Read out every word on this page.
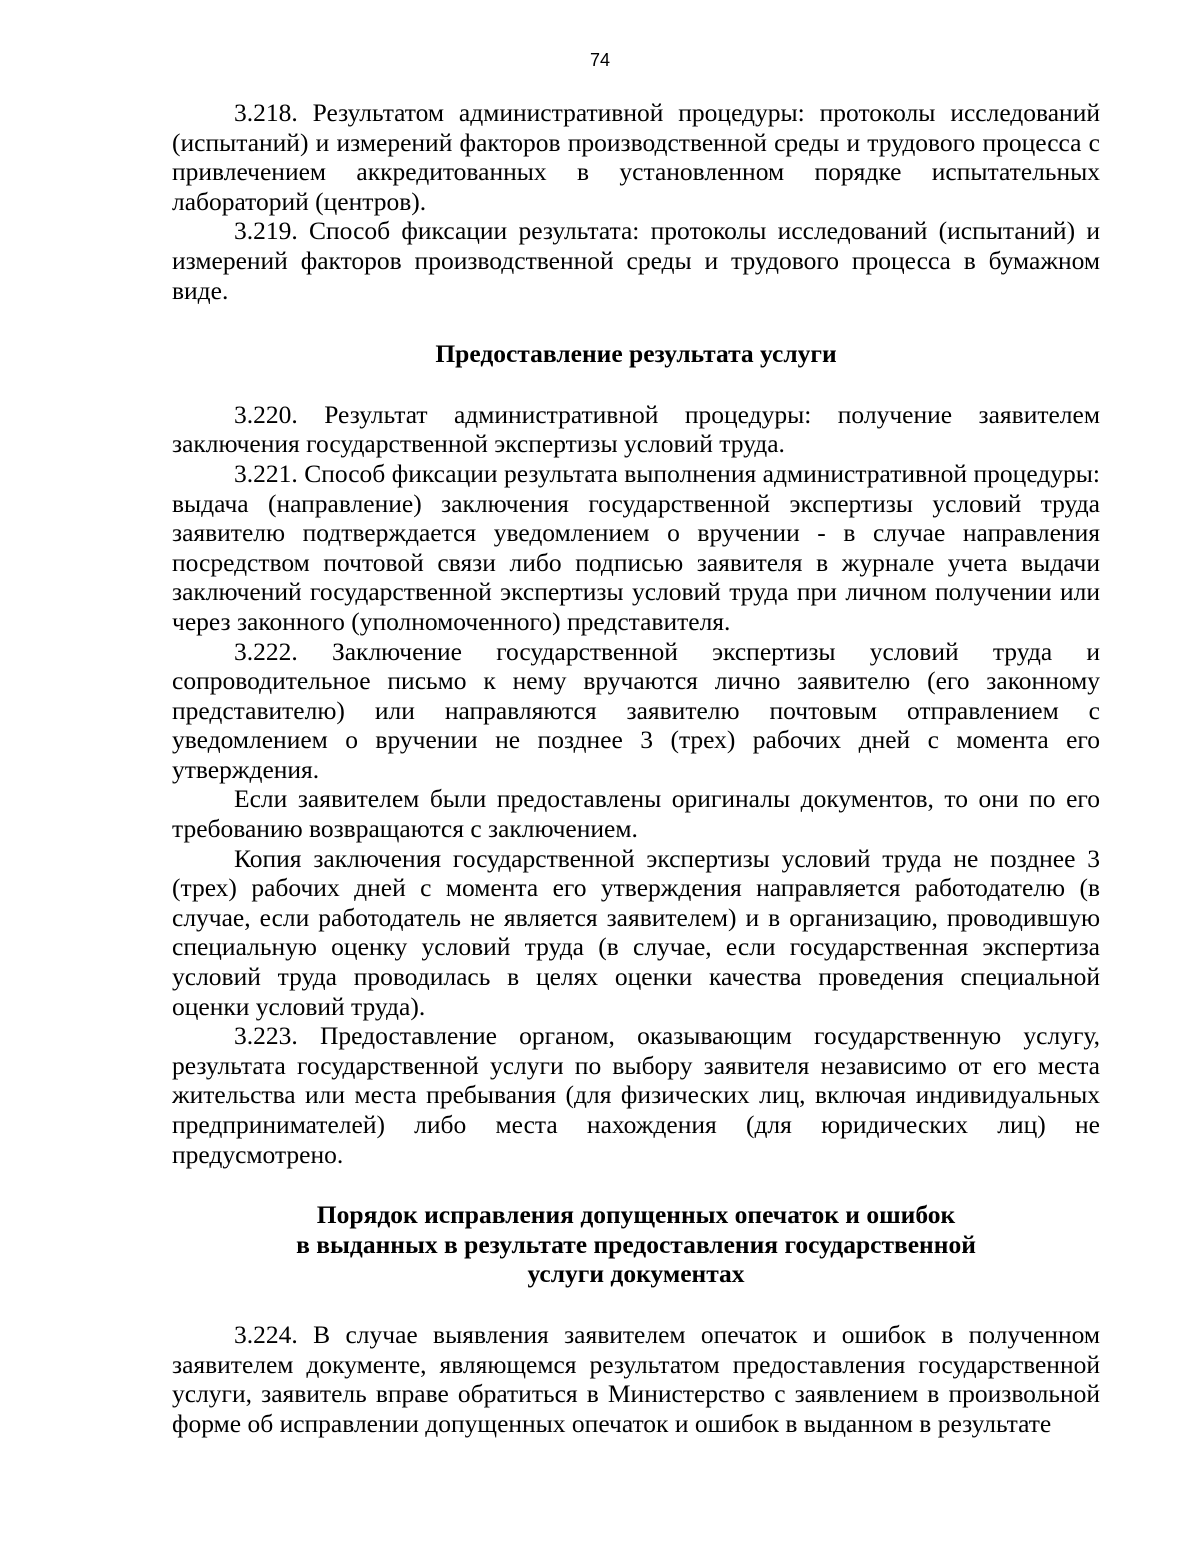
74

3.218. Результатом административной процедуры: протоколы исследований (испытаний) и измерений факторов производственной среды и трудового процесса с привлечением аккредитованных в установленном порядке испытательных лабораторий (центров).

3.219. Способ фиксации результата: протоколы исследований (испытаний) и измерений факторов производственной среды и трудового процесса в бумажном виде.

Предоставление результата услуги

3.220. Результат административной процедуры: получение заявителем заключения государственной экспертизы условий труда.

3.221. Способ фиксации результата выполнения административной процедуры: выдача (направление) заключения государственной экспертизы условий труда заявителю подтверждается уведомлением о вручении - в случае направления посредством почтовой связи либо подписью заявителя в журнале учета выдачи заключений государственной экспертизы условий труда при личном получении или через законного (уполномоченного) представителя.

3.222. Заключение государственной экспертизы условий труда и сопроводительное письмо к нему вручаются лично заявителю (его законному представителю) или направляются заявителю почтовым отправлением с уведомлением о вручении не позднее 3 (трех) рабочих дней с момента его утверждения.

Если заявителем были предоставлены оригиналы документов, то они по его требованию возвращаются с заключением.

Копия заключения государственной экспертизы условий труда не позднее 3 (трех) рабочих дней с момента его утверждения направляется работодателю (в случае, если работодатель не является заявителем) и в организацию, проводившую специальную оценку условий труда (в случае, если государственная экспертиза условий труда проводилась в целях оценки качества проведения специальной оценки условий труда).

3.223. Предоставление органом, оказывающим государственную услугу, результата государственной услуги по выбору заявителя независимо от его места жительства или места пребывания (для физических лиц, включая индивидуальных предпринимателей) либо места нахождения (для юридических лиц) не предусмотрено.

Порядок исправления допущенных опечаток и ошибок
в выданных в результате предоставления государственной
услуги документах

3.224. В случае выявления заявителем опечаток и ошибок в полученном заявителем документе, являющемся результатом предоставления государственной услуги, заявитель вправе обратиться в Министерство с заявлением в произвольной форме об исправлении допущенных опечаток и ошибок в выданном в результате
